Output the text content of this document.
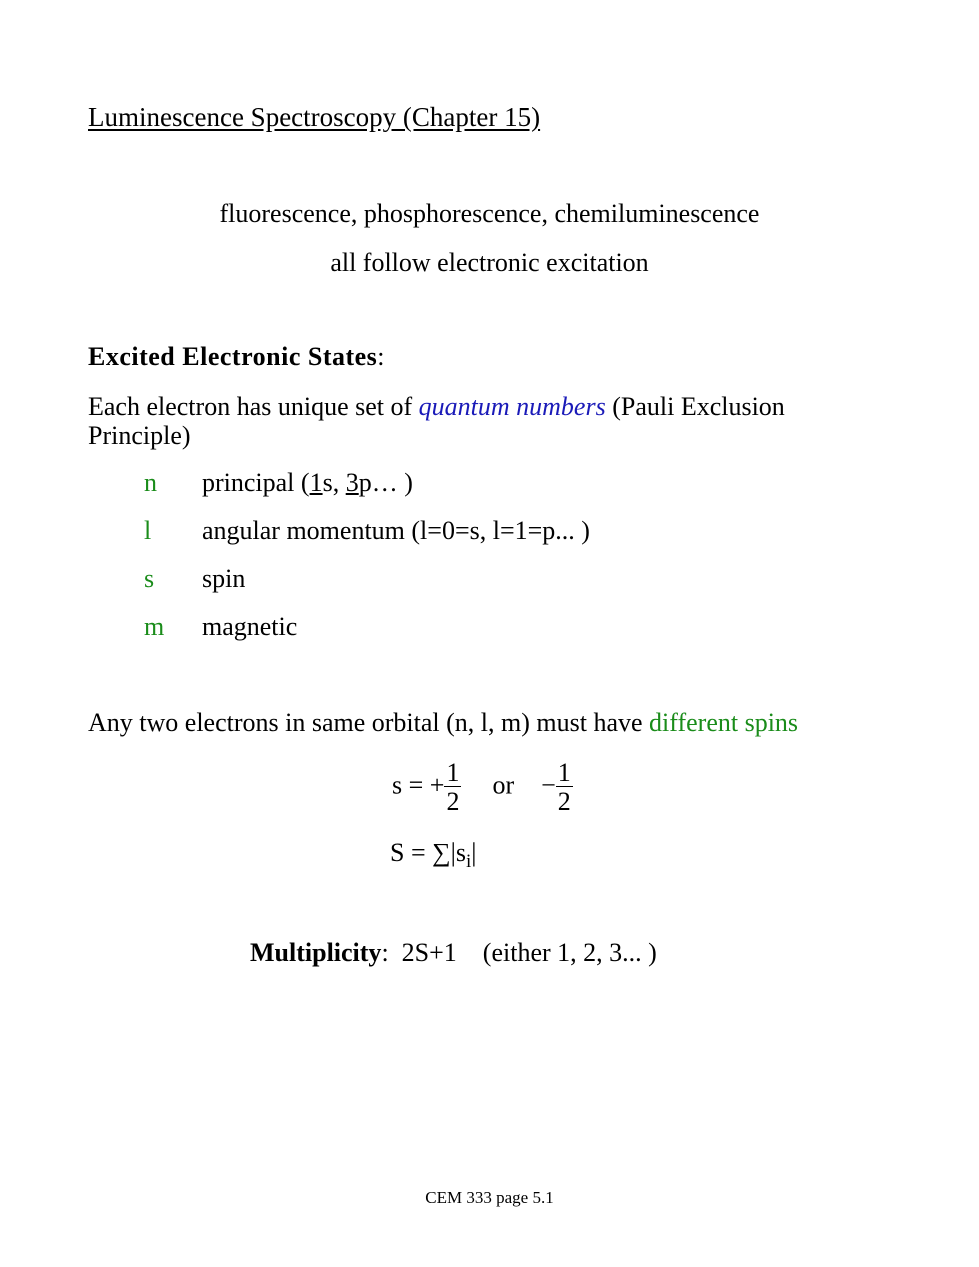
Luminescence Spectroscopy (Chapter 15)
fluorescence, phosphorescence, chemiluminescence
all follow electronic excitation
Excited Electronic States:
Each electron has unique set of quantum numbers (Pauli Exclusion Principle)
n principal (1s, 3p… )
l angular momentum (l=0=s, l=1=p... )
s spin
m magnetic
Any two electrons in same orbital (n, l, m) must have different spins
s = + $\frac{1}{2}$ or − $\frac{1}{2}$
$S = \sum|s_i|$
Multiplicity: 2S+1 (either 1, 2, 3... )
CEM 333 page 5.1
